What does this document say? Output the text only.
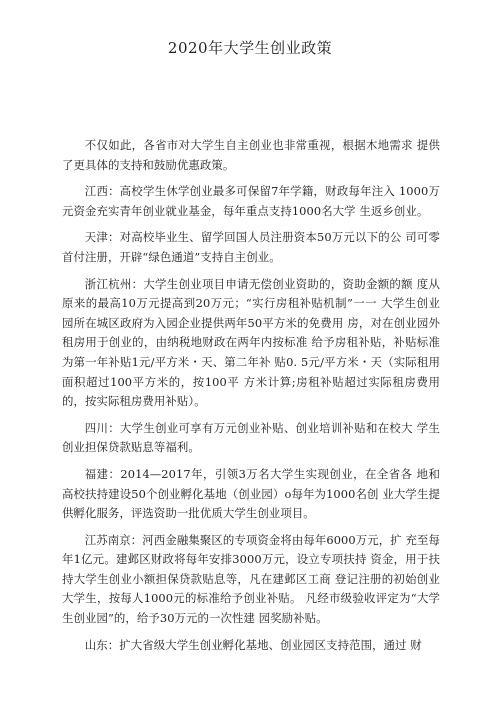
2020年大学生创业政策

不仅如此，各省市对大学生自主创业也非常重视，根据木地需求 提供了更具体的支持和鼓励优惠政策。

江西：高校学生休学创业最多可保留7年学籍，财政每年注入 1000万元资金充实青年创业就业基金，每年重点支持1000名大学 生返乡创业。

天津：对高校毕业生、留学回国人员注册资本50万元以下的公 司可零首付注册，开辟“绿色通道”支持自主创业。

浙江杭州：大学生创业项目申请无偿创业资助的，资助金额的额 度从原来的最高10万元提高到20万元；“实行房租补贴机制”一一 大学生创业园所在城区政府为入园企业提供两年50平方米的免费用 房，对在创业园外租房用于创业的，由纳税地财政在两年内按标准 给予房租补贴，补贴标准为第一年补贴1元/平方米・天、第二年补 贴0. 5元/平方米・天（实际租用面积超过100平方米的，按100平 方米计算;房租补贴超过实际租房费用的，按实际租房费用补贴）。

四川：大学生创业可享有万元创业补贴、创业培训补贴和在校大 学生创业担保贷款贴息等福利。

福建：2014—2017年，引领3万名大学生实现创业，在全省各 地和高校扶持建设50个创业孵化基地（创业园）o每年为1000名创 业大学生提供孵化服务，评选资助一批优质大学生创业项目。

江苏南京：河西金融集聚区的专项资金将由每年6000万元，扩 充至每年1亿元。建邺区财政将每年安排3000万元，设立专项扶持 资金，用于扶持大学生创业小额担保贷款贴息等，凡在建邺区工商 登记注册的初始创业大学生，按每人1000元的标准给予创业补贴。 凡经市级验收评定为“大学生创业园”的，给予30万元的一次性建 园奖励补贴。

山东：扩大省级大学生创业孵化基地、创业园区支持范围，通过 财
